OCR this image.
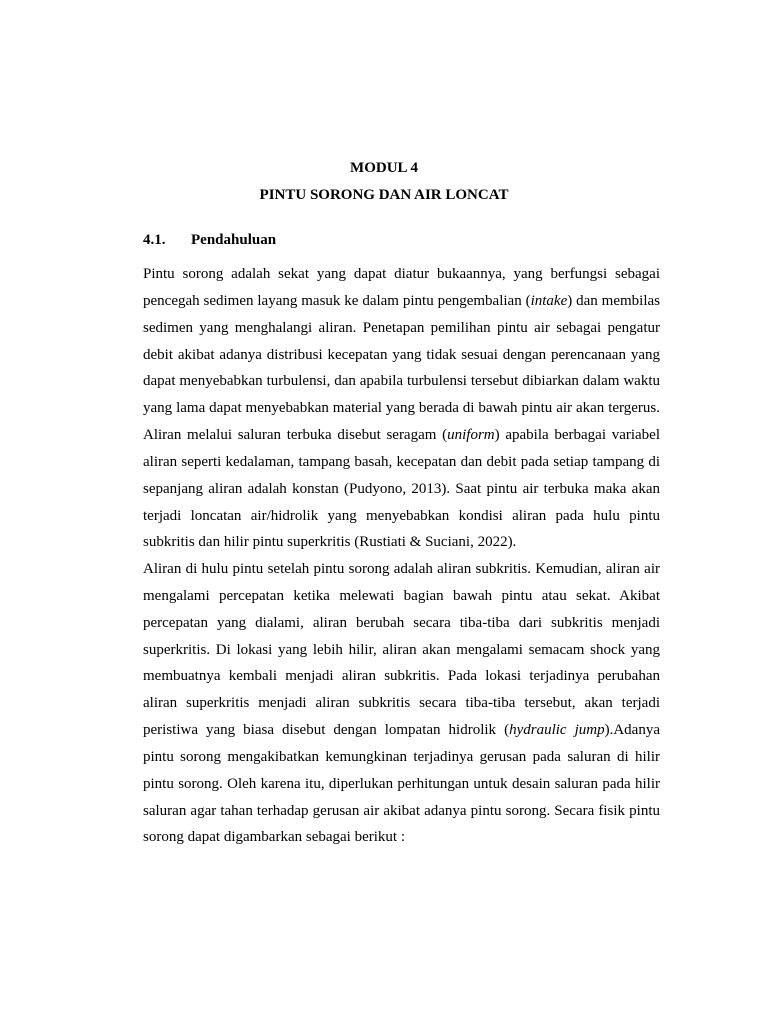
MODUL 4
PINTU SORONG DAN AIR LONCAT
4.1. Pendahuluan
Pintu sorong adalah sekat yang dapat diatur bukaannya, yang berfungsi sebagai
pencegah sedimen layang masuk ke dalam pintu pengembalian (intake) dan membilas
sedimen yang menghalangi aliran. Penetapan pemilihan pintu air sebagai pengatur
debit akibat adanya distribusi kecepatan yang tidak sesuai dengan perencanaan yang
dapat menyebabkan turbulensi, dan apabila turbulensi tersebut dibiarkan dalam waktu
yang lama dapat menyebabkan material yang berada di bawah pintu air akan tergerus.
Aliran melalui saluran terbuka disebut seragam (uniform) apabila berbagai variabel
aliran seperti kedalaman, tampang basah, kecepatan dan debit pada setiap tampang di
sepanjang aliran adalah konstan (Pudyono, 2013). Saat pintu air terbuka maka akan
terjadi loncatan air/hidrolik yang menyebabkan kondisi aliran pada hulu pintu
subkritis dan hilir pintu superkritis (Rustiati & Suciani, 2022).
Aliran di hulu pintu setelah pintu sorong adalah aliran subkritis. Kemudian, aliran air
mengalami percepatan ketika melewati bagian bawah pintu atau sekat. Akibat
percepatan yang dialami, aliran berubah secara tiba-tiba dari subkritis menjadi
superkritis. Di lokasi yang lebih hilir, aliran akan mengalami semacam shock yang
membuatnya kembali menjadi aliran subkritis. Pada lokasi terjadinya perubahan
aliran superkritis menjadi aliran subkritis secara tiba-tiba tersebut, akan terjadi
peristiwa yang biasa disebut dengan lompatan hidrolik (hydraulic jump).Adanya
pintu sorong mengakibatkan kemungkinan terjadinya gerusan pada saluran di hilir
pintu sorong. Oleh karena itu, diperlukan perhitungan untuk desain saluran pada hilir
saluran agar tahan terhadap gerusan air akibat adanya pintu sorong. Secara fisik pintu
sorong dapat digambarkan sebagai berikut :
